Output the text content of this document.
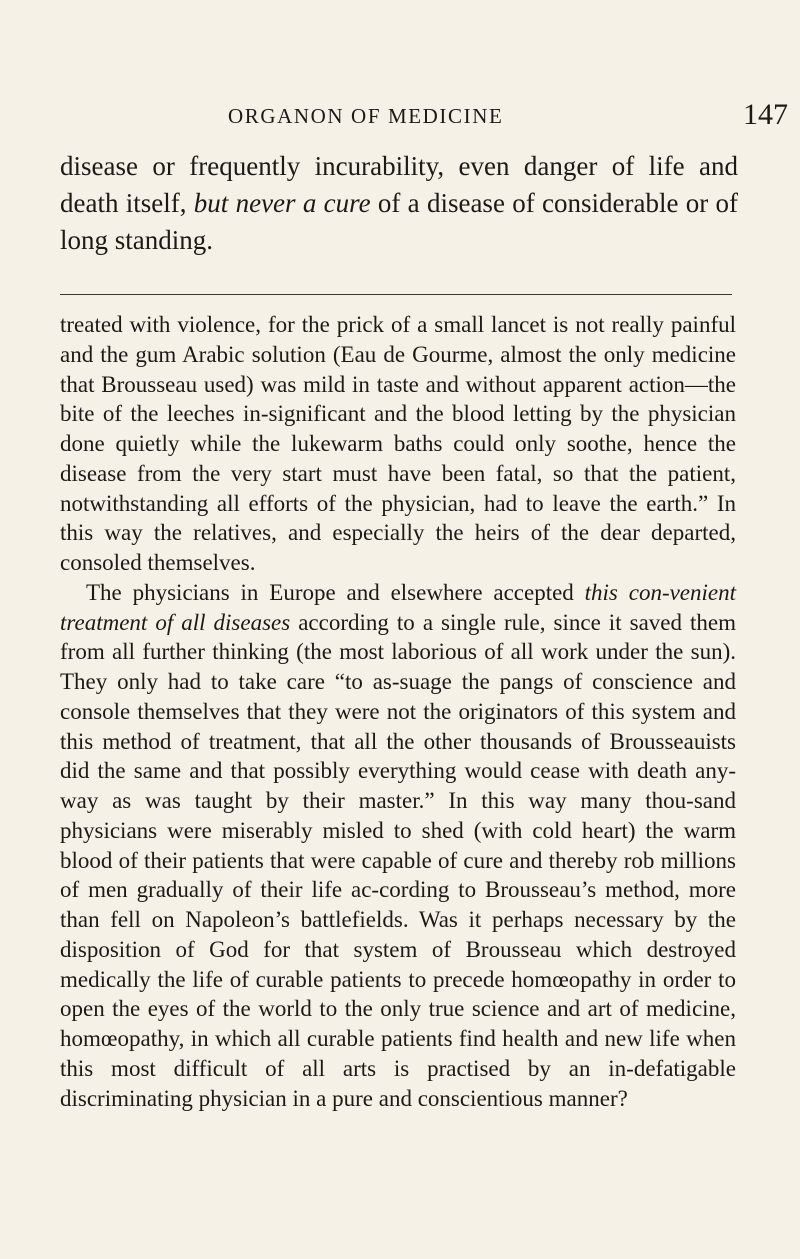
ORGANON OF MEDICINE	147

disease or frequently incurability, even danger of life and death itself, but never a cure of a disease of considerable or of long standing.

treated with violence, for the prick of a small lancet is not really painful and the gum Arabic solution (Eau de Gourme, almost the only medicine that Brousseau used) was mild in taste and without apparent action—the bite of the leeches in-significant and the blood letting by the physician done quietly while the lukewarm baths could only soothe, hence the disease from the very start must have been fatal, so that the patient, notwithstanding all efforts of the physician, had to leave the earth.” In this way the relatives, and especially the heirs of the dear departed, consoled themselves.

The physicians in Europe and elsewhere accepted this con-venient treatment of all diseases according to a single rule, since it saved them from all further thinking (the most laborious of all work under the sun). They only had to take care “to as-suage the pangs of conscience and console themselves that they were not the originators of this system and this method of treatment, that all the other thousands of Brousseauists did the same and that possibly everything would cease with death any-way as was taught by their master.” In this way many thou-sand physicians were miserably misled to shed (with cold heart) the warm blood of their patients that were capable of cure and thereby rob millions of men gradually of their life ac-cording to Brousseau’s method, more than fell on Napoleon’s battlefields. Was it perhaps necessary by the disposition of God for that system of Brousseau which destroyed medically the life of curable patients to precede homœopathy in order to open the eyes of the world to the only true science and art of medicine, homœopathy, in which all curable patients find health and new life when this most difficult of all arts is practised by an in-defatigable discriminating physician in a pure and conscientious manner?
